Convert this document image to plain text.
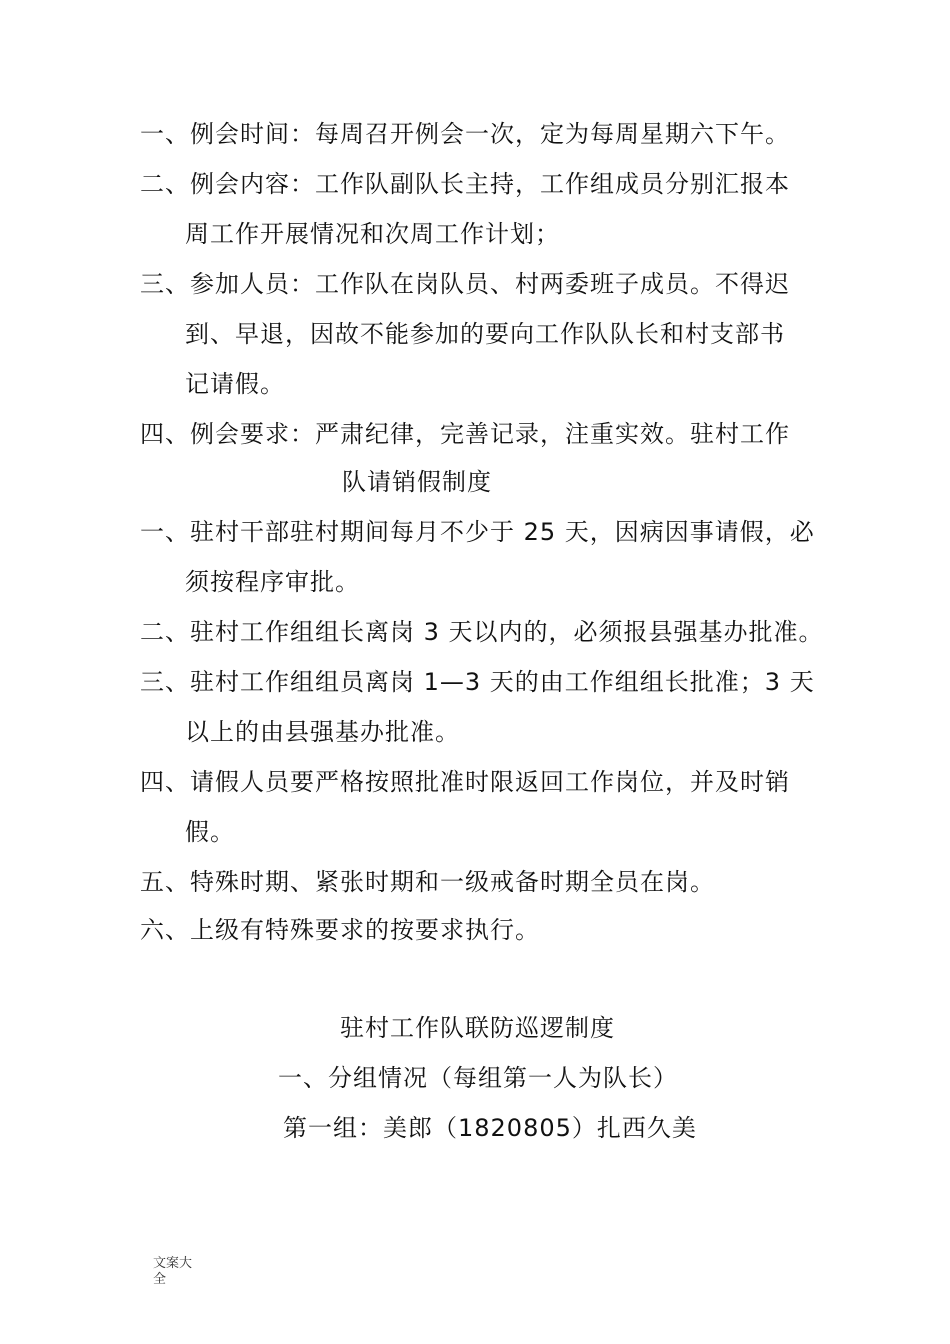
一、例会时间：每周召开例会一次，定为每周星期六下午。
二、例会内容：工作队副队长主持，工作组成员分别汇报本
周工作开展情况和次周工作计划；
三、参加人员：工作队在岗队员、村两委班子成员。不得迟
到、早退，因故不能参加的要向工作队队长和村支部书
记请假。
四、例会要求：严肃纪律，完善记录，注重实效。驻村工作
队请销假制度
一、驻村干部驻村期间每月不少于 25 天，因病因事请假，必
须按程序审批。
二、驻村工作组组长离岗 3 天以内的，必须报县强基办批准。
三、驻村工作组组员离岗 1—3 天的由工作组组长批准；3 天
以上的由县强基办批准。
四、请假人员要严格按照批准时限返回工作岗位，并及时销
假。
五、特殊时期、紧张时期和一级戒备时期全员在岗。
六、上级有特殊要求的按要求执行。
驻村工作队联防巡逻制度
一、分组情况（每组第一人为队长）
第一组：美郎（1820805）扎西久美
文案大
全
